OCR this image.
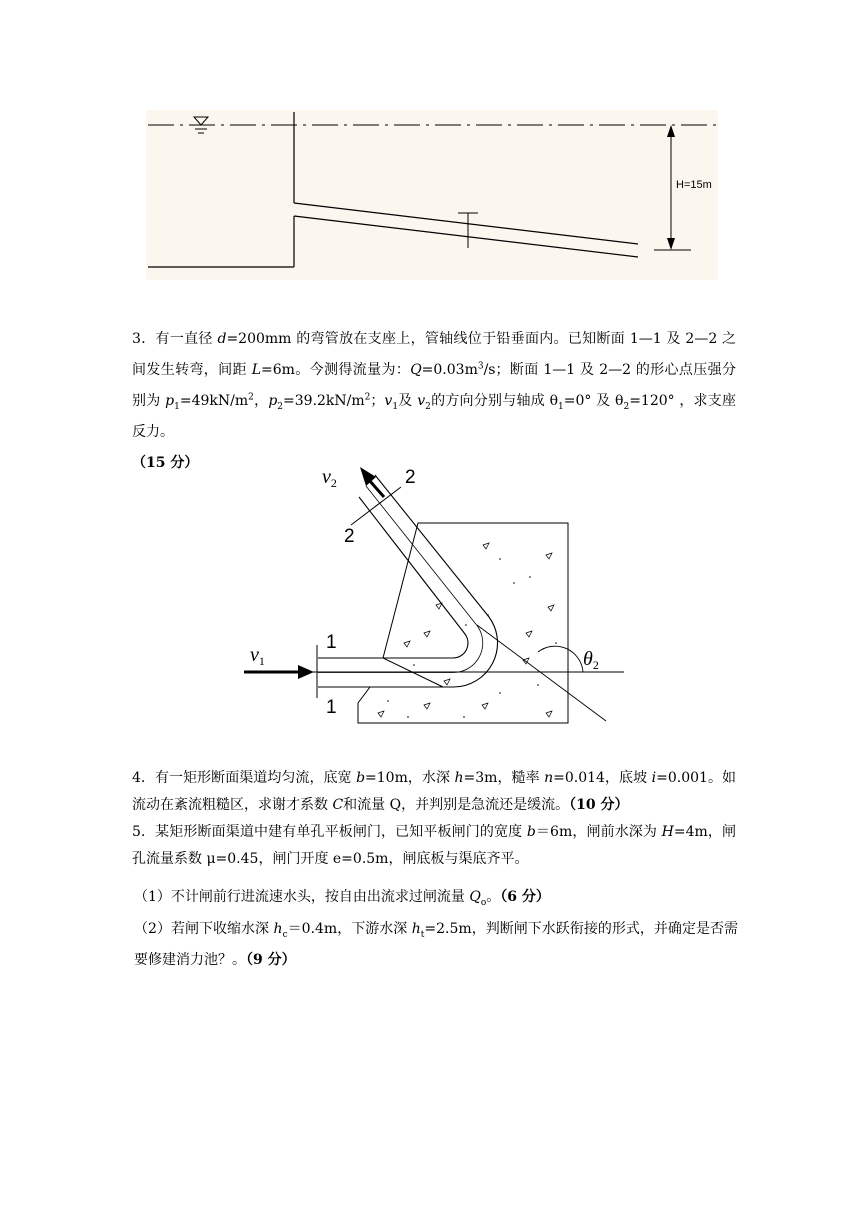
H=15m

3．有一直径 d=200mm 的弯管放在支座上，管轴线位于铅垂面内。已知断面 1—1 及 2—2 之间发生转弯，间距 L=6m。今测得流量为：$Q=0.03m^3/s$；断面 1—1 及 2—2 的形心点压强分别为 $p_1=49kN/m^2$，$p_2=39.2kN/m^2$；$v_1$及 $v_2$的方向分别与轴成 $\theta_1=0^\circ$ 及 $\theta_2=120^\circ$ ，求支座反力。
（15 分）

1
1
2
2
$v_1$
$v_2$
$\theta_2$

4．有一矩形断面渠道均匀流，底宽 b=10m，水深 h=3m，糙率 n=0.014，底坡 i=0.001。如流动在紊流粗糙区，求谢才系数 C和流量 Q，并判别是急流还是缓流。（10 分）

5．某矩形断面渠道中建有单孔平板闸门，已知平板闸门的宽度 b＝6m，闸前水深为 H=4m，闸孔流量系数 μ=0.45，闸门开度 e=0.5m，闸底板与渠底齐平。

（1）不计闸前行进流速水头，按自由出流求过闸流量 $Q_o$。（6 分）

（2）若闸下收缩水深 $h_c=0.4m$，下游水深 $h_t=2.5m$，判断闸下水跃衔接的形式，并确定是否需要修建消力池？。（9 分）
